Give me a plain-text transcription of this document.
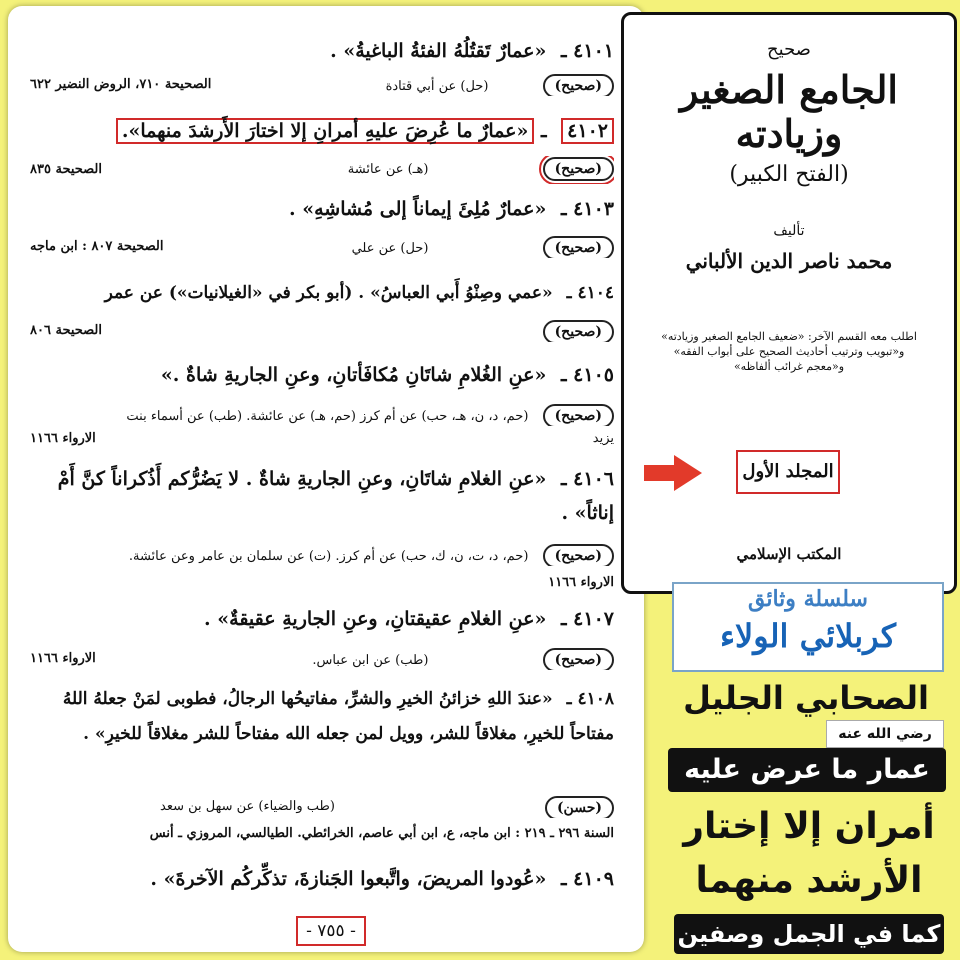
٤١٠١ ـ «عمارٌ تَقتُلُهُ الفئةُ الباغيةُ» .
(صحيح) (حل) عن أبي قتادة
الصحيحة ٧١٠، الروض النضير ٦٢٢
٤١٠٢ ـ «عمارٌ ما عُرِضَ عليهِ أمرانِ إلا اختارَ الأَرشدَ منهما».
(صحيح) (هـ) عن عائشة
الصحيحة ٨٣٥
٤١٠٣ ـ «عمارٌ مُلِئَ إيماناً إلى مُشاشِهِ» .
(صحيح) (حل) عن علي
الصحيحة ٨٠٧ : ابن ماجه
٤١٠٤ ـ «عمي وصِنْوُ أَبي العباسُ» . (أبو بكر في «الغيلانيات») عن عمر
(صحيح)
الصحيحة ٨٠٦
٤١٠٥ ـ «عنِ الغُلامِ شاتَانِ مُكافَأتانِ، وعنِ الجاريةِ شاةٌ .»
(صحيح) (حم، د، ن، هـ، حب) عن أم كرز (حم، هـ) عن عائشة. (طب) عن أسماء بنت
يزيد
الارواء ١١٦٦
٤١٠٦ ـ «عنِ الغلامِ شاتَانِ، وعنِ الجاريةِ شاةٌ . لا يَضُرُّكم أَذُكراناً كنَّ أَمْ إناثاً» .
(صحيح) (حم، د، ت، ن، ك، حب) عن أم كرز. (ت) عن سلمان بن عامر وعن عائشة.
الارواء ١١٦٦
٤١٠٧ ـ «عنِ الغلامِ عقيقتانِ، وعنِ الجاريةِ عقيقةٌ» .
(صحيح) (طب) عن ابن عباس.
الارواء ١١٦٦
٤١٠٨ ـ «عندَ اللهِ خزائنُ الخيرِ والشرِّ، مفاتيحُها الرجالُ، فطوبى لمَنْ جعلهُ اللهُ مفتاحاً للخيرِ، مغلاقاً للشر، وويل لمن جعله الله مفتاحاً للشر مغلاقاً للخيرِ» .
(حسن)
(طب والضياء) عن سهل بن سعد
السنة ٢٩٦ ـ ٢١٩ : ابن ماجه، ع، ابن أبي عاصم، الخرائطي. الطيالسي، المروزي ـ أنس
٤١٠٩ ـ «عُودوا المريضَ، واتَّبعوا الجَنازةَ، تذكِّركُم الآخرةَ» .
- ٧٥٥ -
صحيح
الجامع الصغير وزيادته
(الفتح الكبير)
تأليف
محمد ناصر الدين الألباني
اطلب معه القسم الآخر: «ضعيف الجامع الصغير وزيادته» و«تبويب وترتيب أحاديث الصحيح على أبواب الفقه» و«معجم غرائب ألفاظه»
المجلد الأول
المكتب الإسلامي
سلسلة وثائق
كربلائي الولاء
الصحابي الجليل
رضي الله عنه
عمار ما عرض عليه
أمران إلا إختار الأرشد منهما
كما في الجمل وصفين
